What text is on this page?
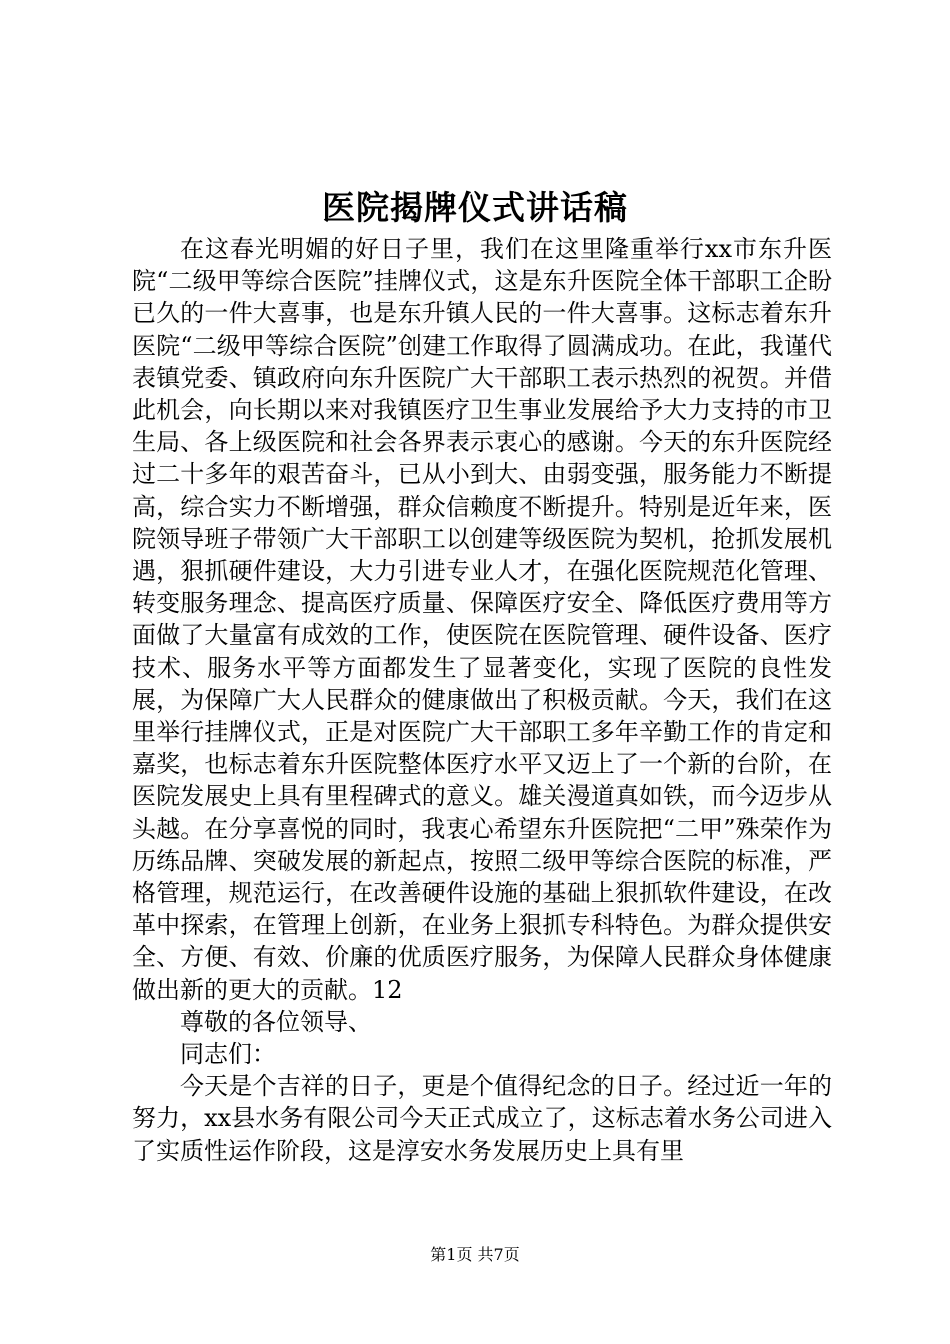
医院揭牌仪式讲话稿

在这春光明媚的好日子里，我们在这里隆重举行xx市东升医院“二级甲等综合医院”挂牌仪式，这是东升医院全体干部职工企盼已久的一件大喜事，也是东升镇人民的一件大喜事。这标志着东升医院“二级甲等综合医院”创建工作取得了圆满成功。在此，我谨代表镇党委、镇政府向东升医院广大干部职工表示热烈的祝贺。并借此机会，向长期以来对我镇医疗卫生事业发展给予大力支持的市卫生局、各上级医院和社会各界表示衷心的感谢。今天的东升医院经过二十多年的艰苦奋斗，已从小到大、由弱变强，服务能力不断提高，综合实力不断增强，群众信赖度不断提升。特别是近年来，医院领导班子带领广大干部职工以创建等级医院为契机，抢抓发展机遇，狠抓硬件建设，大力引进专业人才，在强化医院规范化管理、转变服务理念、提高医疗质量、保障医疗安全、降低医疗费用等方面做了大量富有成效的工作，使医院在医院管理、硬件设备、医疗技术、服务水平等方面都发生了显著变化，实现了医院的良性发展，为保障广大人民群众的健康做出了积极贡献。今天，我们在这里举行挂牌仪式，正是对医院广大干部职工多年辛勤工作的肯定和嘉奖，也标志着东升医院整体医疗水平又迈上了一个新的台阶，在医院发展史上具有里程碑式的意义。雄关漫道真如铁，而今迈步从头越。在分享喜悦的同时，我衷心希望东升医院把“二甲”殊荣作为历练品牌、突破发展的新起点，按照二级甲等综合医院的标准，严格管理，规范运行，在改善硬件设施的基础上狠抓软件建设，在改革中探索，在管理上创新，在业务上狠抓专科特色。为群众提供安全、方便、有效、价廉的优质医疗服务，为保障人民群众身体健康做出新的更大的贡献。12

尊敬的各位领导、

同志们：

今天是个吉祥的日子，更是个值得纪念的日子。经过近一年的努力，xx县水务有限公司今天正式成立了，这标志着水务公司进入了实质性运作阶段，这是淳安水务发展历史上具有里

第1页 共7页
